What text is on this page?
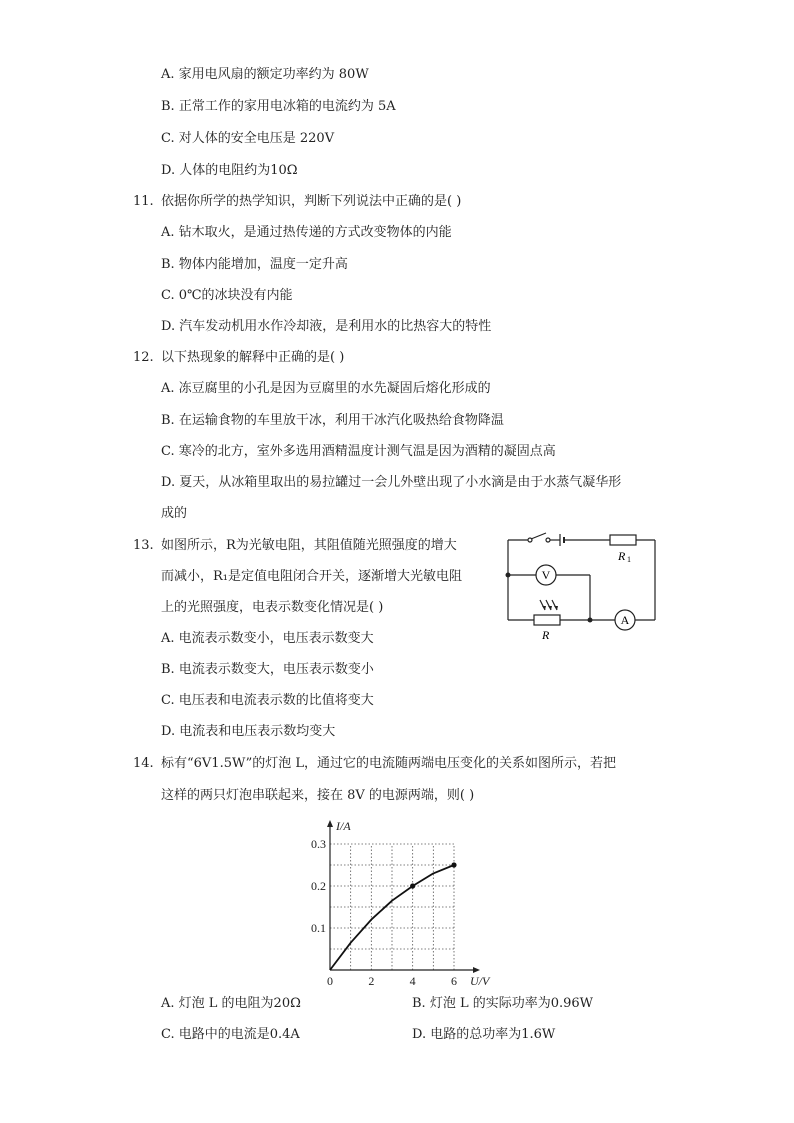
A. 家用电风扇的额定功率约为 80W
B. 正常工作的家用电冰箱的电流约为 5A
C. 对人体的安全电压是 220V
D. 人体的电阻约为10Ω
11. 依据你所学的热学知识，判断下列说法中正确的是( )
A. 钻木取火，是通过热传递的方式改变物体的内能
B. 物体内能增加，温度一定升高
C. 0℃的冰块没有内能
D. 汽车发动机用水作冷却液，是利用水的比热容大的特性
12. 以下热现象的解释中正确的是( )
A. 冻豆腐里的小孔是因为豆腐里的水先凝固后熔化形成的
B. 在运输食物的车里放干冰，利用干冰汽化吸热给食物降温
C. 寒冷的北方，室外多选用酒精温度计测气温是因为酒精的凝固点高
D. 夏天，从冰箱里取出的易拉罐过一会儿外壁出现了小水滴是由于水蒸气凝华形
成的
13. 如图所示，R为光敏电阻，其阻值随光照强度的增大
而减小，R₁是定值电阻闭合开关，逐渐增大光敏电阻
上的光照强度，电表示数变化情况是( )
A. 电流表示数变小，电压表示数变大
B. 电流表示数变大，电压表示数变小
C. 电压表和电流表示数的比值将变大
D. 电流表和电压表示数均变大
V
A
R 1
R
14. 标有“6V1.5W”的灯泡 L，通过它的电流随两端电压变化的关系如图所示，若把
这样的两只灯泡串联起来，接在 8V 的电源两端，则( )
0	2	4	6
0.1
0.2
0.3
U/V
I/A
A. 灯泡 L 的电阻为20Ω	B. 灯泡 L 的实际功率为0.96W
C. 电路中的电流是0.4A	D. 电路的总功率为1.6W
